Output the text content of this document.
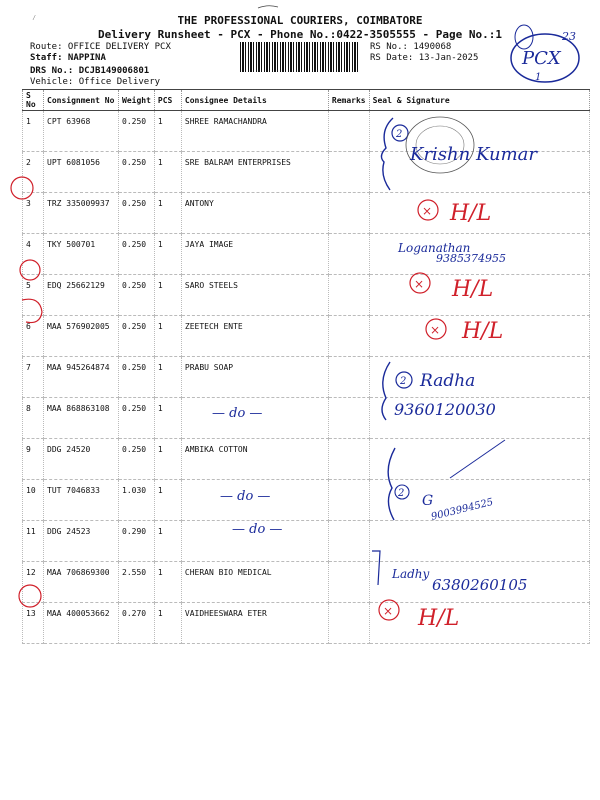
THE PROFESSIONAL COURIERS, COIMBATORE
Delivery Runsheet - PCX - Phone No.:0422-3505555 - Page No.:1
Route: OFFICE DELIVERY PCX
Staff: NAPPINA
DRS No.: DCJB149006801
Vehicle: Office Delivery
RS No.: 1490068
RS Date: 13-Jan-2025
S No	Consignment No	Weight	PCS	Consignee Details	Remarks	Seal & Signature
1	CPT 63968	0.250	1	SHREE RAMACHANDRA		
2	UPT 6081056	0.250	1	SRE BALRAM ENTERPRISES		
3	TRZ 335009937	0.250	1	ANTONY		
4	TKY 500701	0.250	1	JAYA IMAGE		
5	EDQ 25662129	0.250	1	SARO STEELS		
6	MAA 576902005	0.250	1	ZEETECH ENTE		
7	MAA 945264874	0.250	1	PRABU SOAP		
8	MAA 868863108	0.250	1			
9	DDG 24520	0.250	1	AMBIKA COTTON		
10	TUT 7046833	1.030	1			
11	DDG 24523	0.290	1			
12	MAA 706869300	2.550	1	CHERAN BIO MEDICAL		
13	MAA 400053662	0.270	1	VAIDHEESWARA ETER		
⁄
PCX
1
23
2
Krishn Kumar
× H/L
× H/L
× H/L
× H/L
Loganathan
9385374955
2 Radha
9360120030
— do —
— do —
— do —
2 G
9003994525
Ladhy
6380260105
